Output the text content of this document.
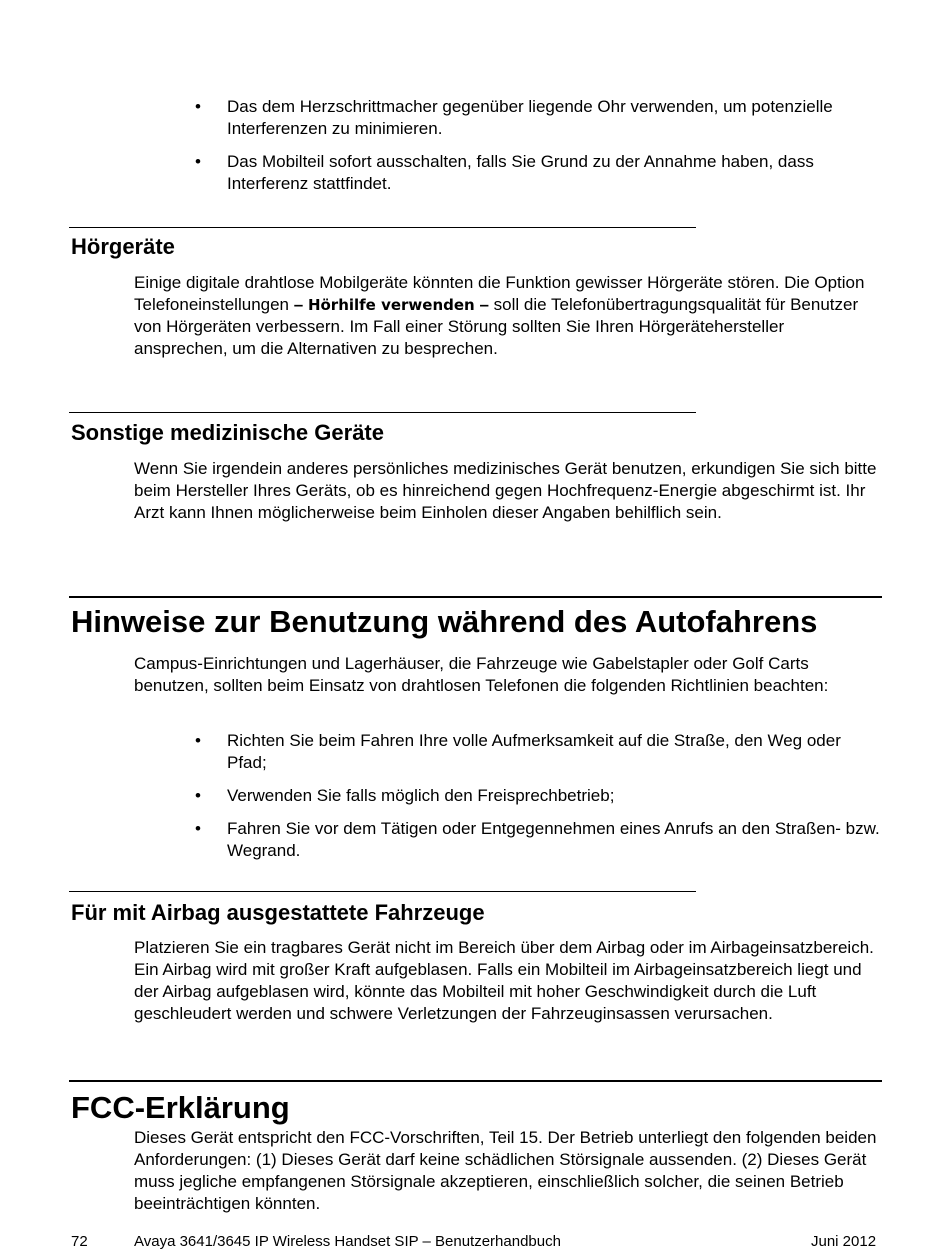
• Das dem Herzschrittmacher gegenüber liegende Ohr verwenden, um potenzielle Interferenzen zu minimieren.
• Das Mobilteil sofort ausschalten, falls Sie Grund zu der Annahme haben, dass Interferenz stattfindet.
Hörgeräte

Einige digitale drahtlose Mobilgeräte könnten die Funktion gewisser Hörgeräte stören. Die Option Telefoneinstellungen – Hörhilfe verwenden – soll die Telefonübertragungsqualität für Benutzer von Hörgeräten verbessern. Im Fall einer Störung sollten Sie Ihren Hörgerätehersteller ansprechen, um die Alternativen zu besprechen.

Sonstige medizinische Geräte

Wenn Sie irgendein anderes persönliches medizinisches Gerät benutzen, erkundigen Sie sich bitte beim Hersteller Ihres Geräts, ob es hinreichend gegen Hochfrequenz-Energie abgeschirmt ist. Ihr Arzt kann Ihnen möglicherweise beim Einholen dieser Angaben behilflich sein.

Hinweise zur Benutzung während des Autofahrens

Campus-Einrichtungen und Lagerhäuser, die Fahrzeuge wie Gabelstapler oder Golf Carts benutzen, sollten beim Einsatz von drahtlosen Telefonen die folgenden Richtlinien beachten:

• Richten Sie beim Fahren Ihre volle Aufmerksamkeit auf die Straße, den Weg oder Pfad;
• Verwenden Sie falls möglich den Freisprechbetrieb;
• Fahren Sie vor dem Tätigen oder Entgegennehmen eines Anrufs an den Straßen- bzw. Wegrand.
Für mit Airbag ausgestattete Fahrzeuge

Platzieren Sie ein tragbares Gerät nicht im Bereich über dem Airbag oder im Airbageinsatzbereich. Ein Airbag wird mit großer Kraft aufgeblasen. Falls ein Mobilteil im Airbageinsatzbereich liegt und der Airbag aufgeblasen wird, könnte das Mobilteil mit hoher Geschwindigkeit durch die Luft geschleudert werden und schwere Verletzungen der Fahrzeuginsassen verursachen.

FCC-Erklärung

Dieses Gerät entspricht den FCC-Vorschriften, Teil 15. Der Betrieb unterliegt den folgenden beiden Anforderungen: (1) Dieses Gerät darf keine schädlichen Störsignale aussenden. (2) Dieses Gerät muss jegliche empfangenen Störsignale akzeptieren, einschließlich solcher, die seinen Betrieb beeinträchtigen könnten.

72	Avaya 3641/3645 IP Wireless Handset SIP – Benutzerhandbuch	Juni 2012
